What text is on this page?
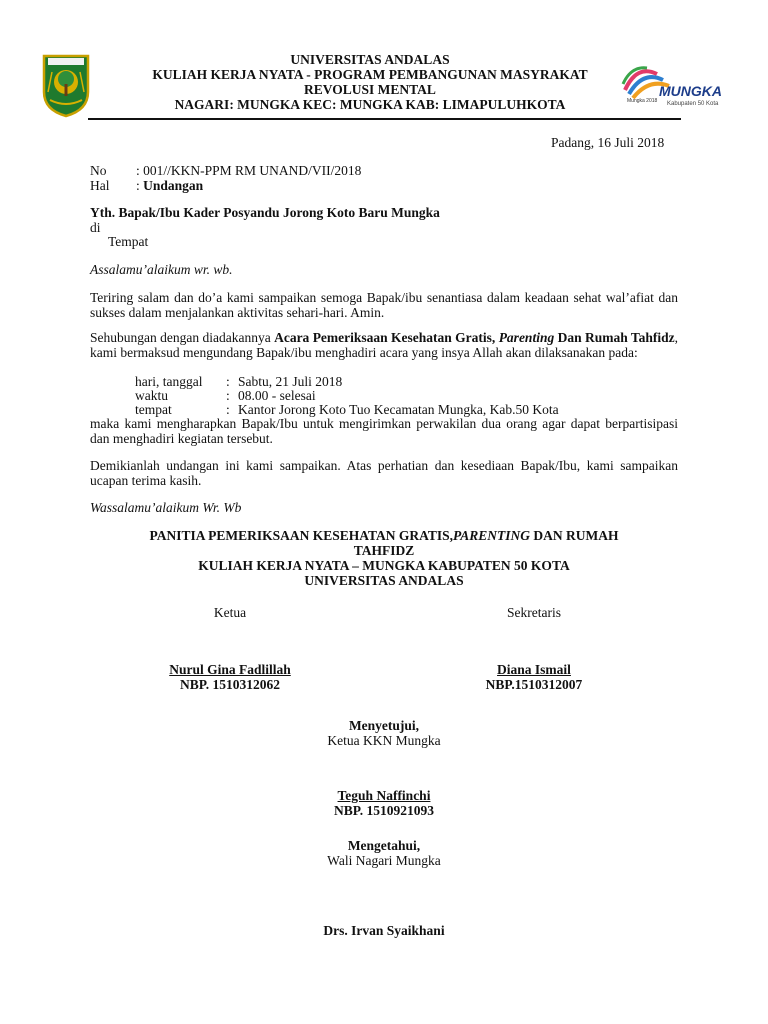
UNIVERSITAS ANDALAS
KULIAH KERJA NYATA - PROGRAM PEMBANGUNAN MASYRAKAT
REVOLUSI MENTAL
NAGARI: MUNGKA KEC: MUNGKA KAB: LIMAPULUHKOTA	Mungka 2018
MUNGKA
Kabupaten 50 Kota
Padang, 16 Juli 2018
No : 001//KKN-PPM RM UNAND/VII/2018
Hal : Undangan
Yth. Bapak/Ibu Kader Posyandu Jorong Koto Baru Mungka
di
Tempat
Assalamu’alaikum wr. wb.
Teriring salam dan do’a kami sampaikan semoga Bapak/ibu senantiasa dalam keadaan sehat wal’afiat dan sukses dalam menjalankan aktivitas sehari-hari. Amin.
Sehubungan dengan diadakannya Acara Pemeriksaan Kesehatan Gratis, Parenting Dan Rumah Tahfidz, kami bermaksud mengundang Bapak/ibu menghadiri acara yang insya Allah akan dilaksanakan pada:
hari, tanggal : Sabtu, 21 Juli 2018
waktu	: 08.00 - selesai
tempat	: Kantor Jorong Koto Tuo Kecamatan Mungka, Kab.50 Kota
maka kami mengharapkan Bapak/Ibu untuk mengirimkan perwakilan dua orang agar dapat berpartisipasi dan menghadiri kegiatan tersebut.
Demikianlah undangan ini kami sampaikan. Atas perhatian dan kesediaan Bapak/Ibu, kami sampaikan ucapan terima kasih.
Wassalamu’alaikum Wr. Wb
PANITIA PEMERIKSAAN KESEHATAN GRATIS,PARENTING DAN RUMAH
TAHFIDZ
KULIAH KERJA NYATA – MUNGKA KABUPATEN 50 KOTA
UNIVERSITAS ANDALAS
Ketua
Nurul Gina Fadlillah
NBP. 1510312062
Sekretaris
Diana Ismail
NBP.1510312007
Menyetujui,
Ketua KKN Mungka
Teguh Naffinchi
NBP. 1510921093
Mengetahui,
Wali Nagari Mungka
Drs. Irvan Syaikhani
